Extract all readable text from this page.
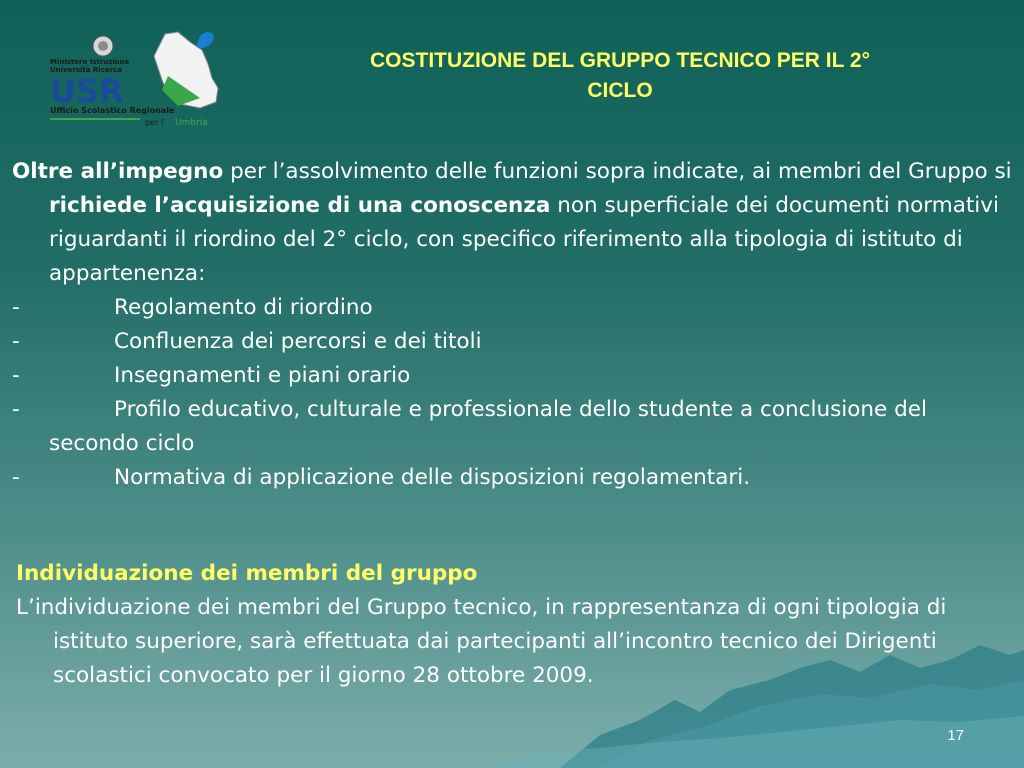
Ministero Istruzione
Università Ricerca
USR
Ufficio Scolastico Regionale
per l' Umbria
COSTITUZIONE DEL GRUPPO TECNICO PER IL 2°
CICLO

Oltre all’impegno per l’assolvimento delle funzioni sopra indicate, ai membri del Gruppo si richiede l’acquisizione di una conoscenza non superficiale dei documenti normativi riguardanti il riordino del 2° ciclo, con specifico riferimento alla tipologia di istituto di appartenenza:

-	Regolamento di riordino
-	Confluenza dei percorsi e dei titoli
-	Insegnamenti e piani orario
-	Profilo educativo, culturale e professionale dello studente a conclusione del secondo ciclo
-	Normativa di applicazione delle disposizioni regolamentari.

Individuazione dei membri del gruppo

L’individuazione dei membri del Gruppo tecnico, in rappresentanza di ogni tipologia di istituto superiore, sarà effettuata dai partecipanti all’incontro tecnico dei Dirigenti scolastici convocato per il giorno 28 ottobre 2009.

17
